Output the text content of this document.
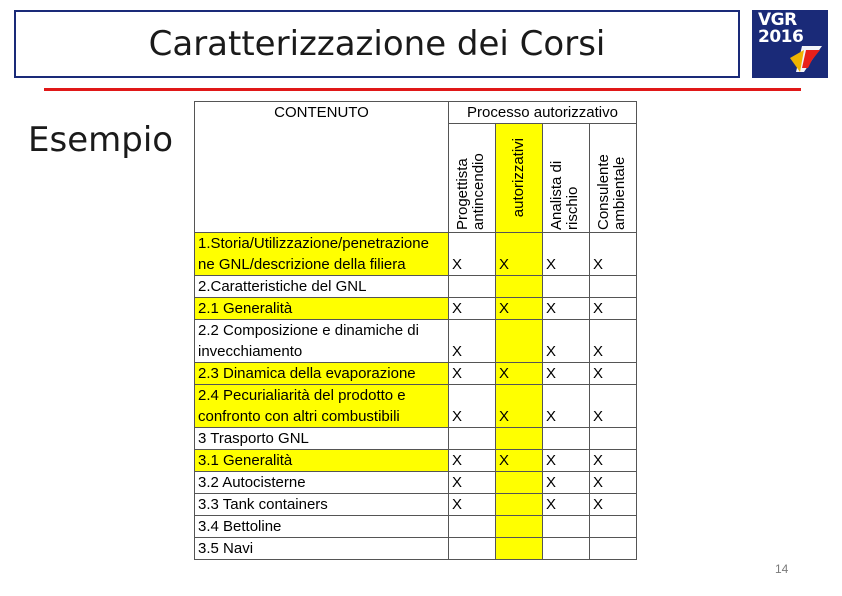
Caratterizzazione dei Corsi
VGR
2016
Esempio
CONTENUTO	Processo autorizzativo			

	Progettista antincendio	autorizzativi	Analista di rischio	Consulente ambientale

1.Storia/Utilizzazione/penetrazione ne GNL/descrizione della filiera	X	X	X	X
2.Caratteristiche del GNL				
2.1 Generalità	X	X	X	X
2.2 Composizione e dinamiche di invecchiamento	X		X	X
2.3 Dinamica della evaporazione	X	X	X	X
2.4 Pecurialiarità del prodotto e confronto con altri combustibili	X	X	X	X
3 Trasporto GNL				
3.1 Generalità	X	X	X	X
3.2 Autocisterne	X		X	X
3.3 Tank containers	X		X	X
3.4 Bettoline				
3.5 Navi				
14
